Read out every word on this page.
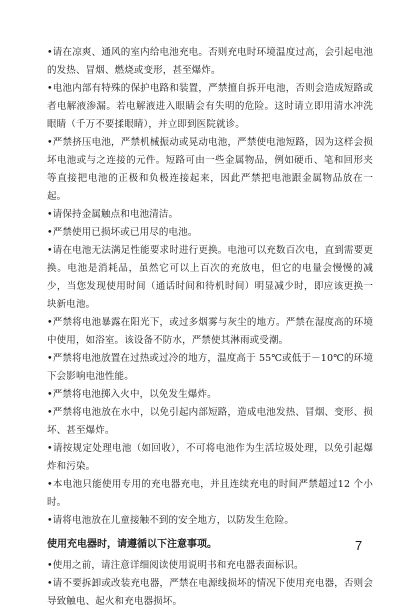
•请在凉爽、通风的室内给电池充电。否则充电时环境温度过高，会引起电池的发热、冒烟、燃烧或变形，甚至爆炸。

•电池内部有特殊的保护电路和装置，严禁擅自拆开电池，否则会造成短路或者电解液渗漏。若电解液进入眼睛会有失明的危险。这时请立即用清水冲洗眼睛（千万不要揉眼睛），并立即到医院就诊。

•严禁挤压电池，严禁机械振动或晃动电池，严禁使电池短路，因为这样会损坏电池或与之连接的元件。短路可由一些金属物品，例如硬币、笔和回形夹等直接把电池的正极和负极连接起来，因此严禁把电池跟金属物品放在一起。

•请保持金属触点和电池清洁。

•严禁使用已损坏或已用尽的电池。

•请在电池无法满足性能要求时进行更换。电池可以充数百次电，直到需要更换。电池是消耗品，虽然它可以上百次的充放电，但它的电量会慢慢的减少，当您发现使用时间（通话时间和待机时间）明显减少时，即应该更换一块新电池。

•严禁将电池暴露在阳光下，或过多烟雾与灰尘的地方。严禁在湿度高的环境中使用，如浴室。该设备不防水，严禁使其淋雨或受潮。

•严禁将电池放置在过热或过冷的地方，温度高于 55℃或低于－10℃的环境下会影响电池性能。

•严禁将电池掷入火中，以免发生爆炸。

•严禁将电池放在水中，以免引起内部短路，造成电池发热、冒烟、变形、损坏、甚至爆炸。

•请按规定处理电池（如回收），不可将电池作为生活垃圾处理，以免引起爆炸和污染。

•本电池只能使用专用的充电器充电，并且连续充电的时间严禁超过12 个小时。

•请将电池放在儿童接触不到的安全地方，以防发生危险。

使用充电器时，请遵循以下注意事项。

•使用之前，请注意详细阅读使用说明书和充电器表面标识。

•请不要拆卸或改装充电器，严禁在电源线损坏的情况下使用充电器，否则会导致触电、起火和充电器损坏。

7
